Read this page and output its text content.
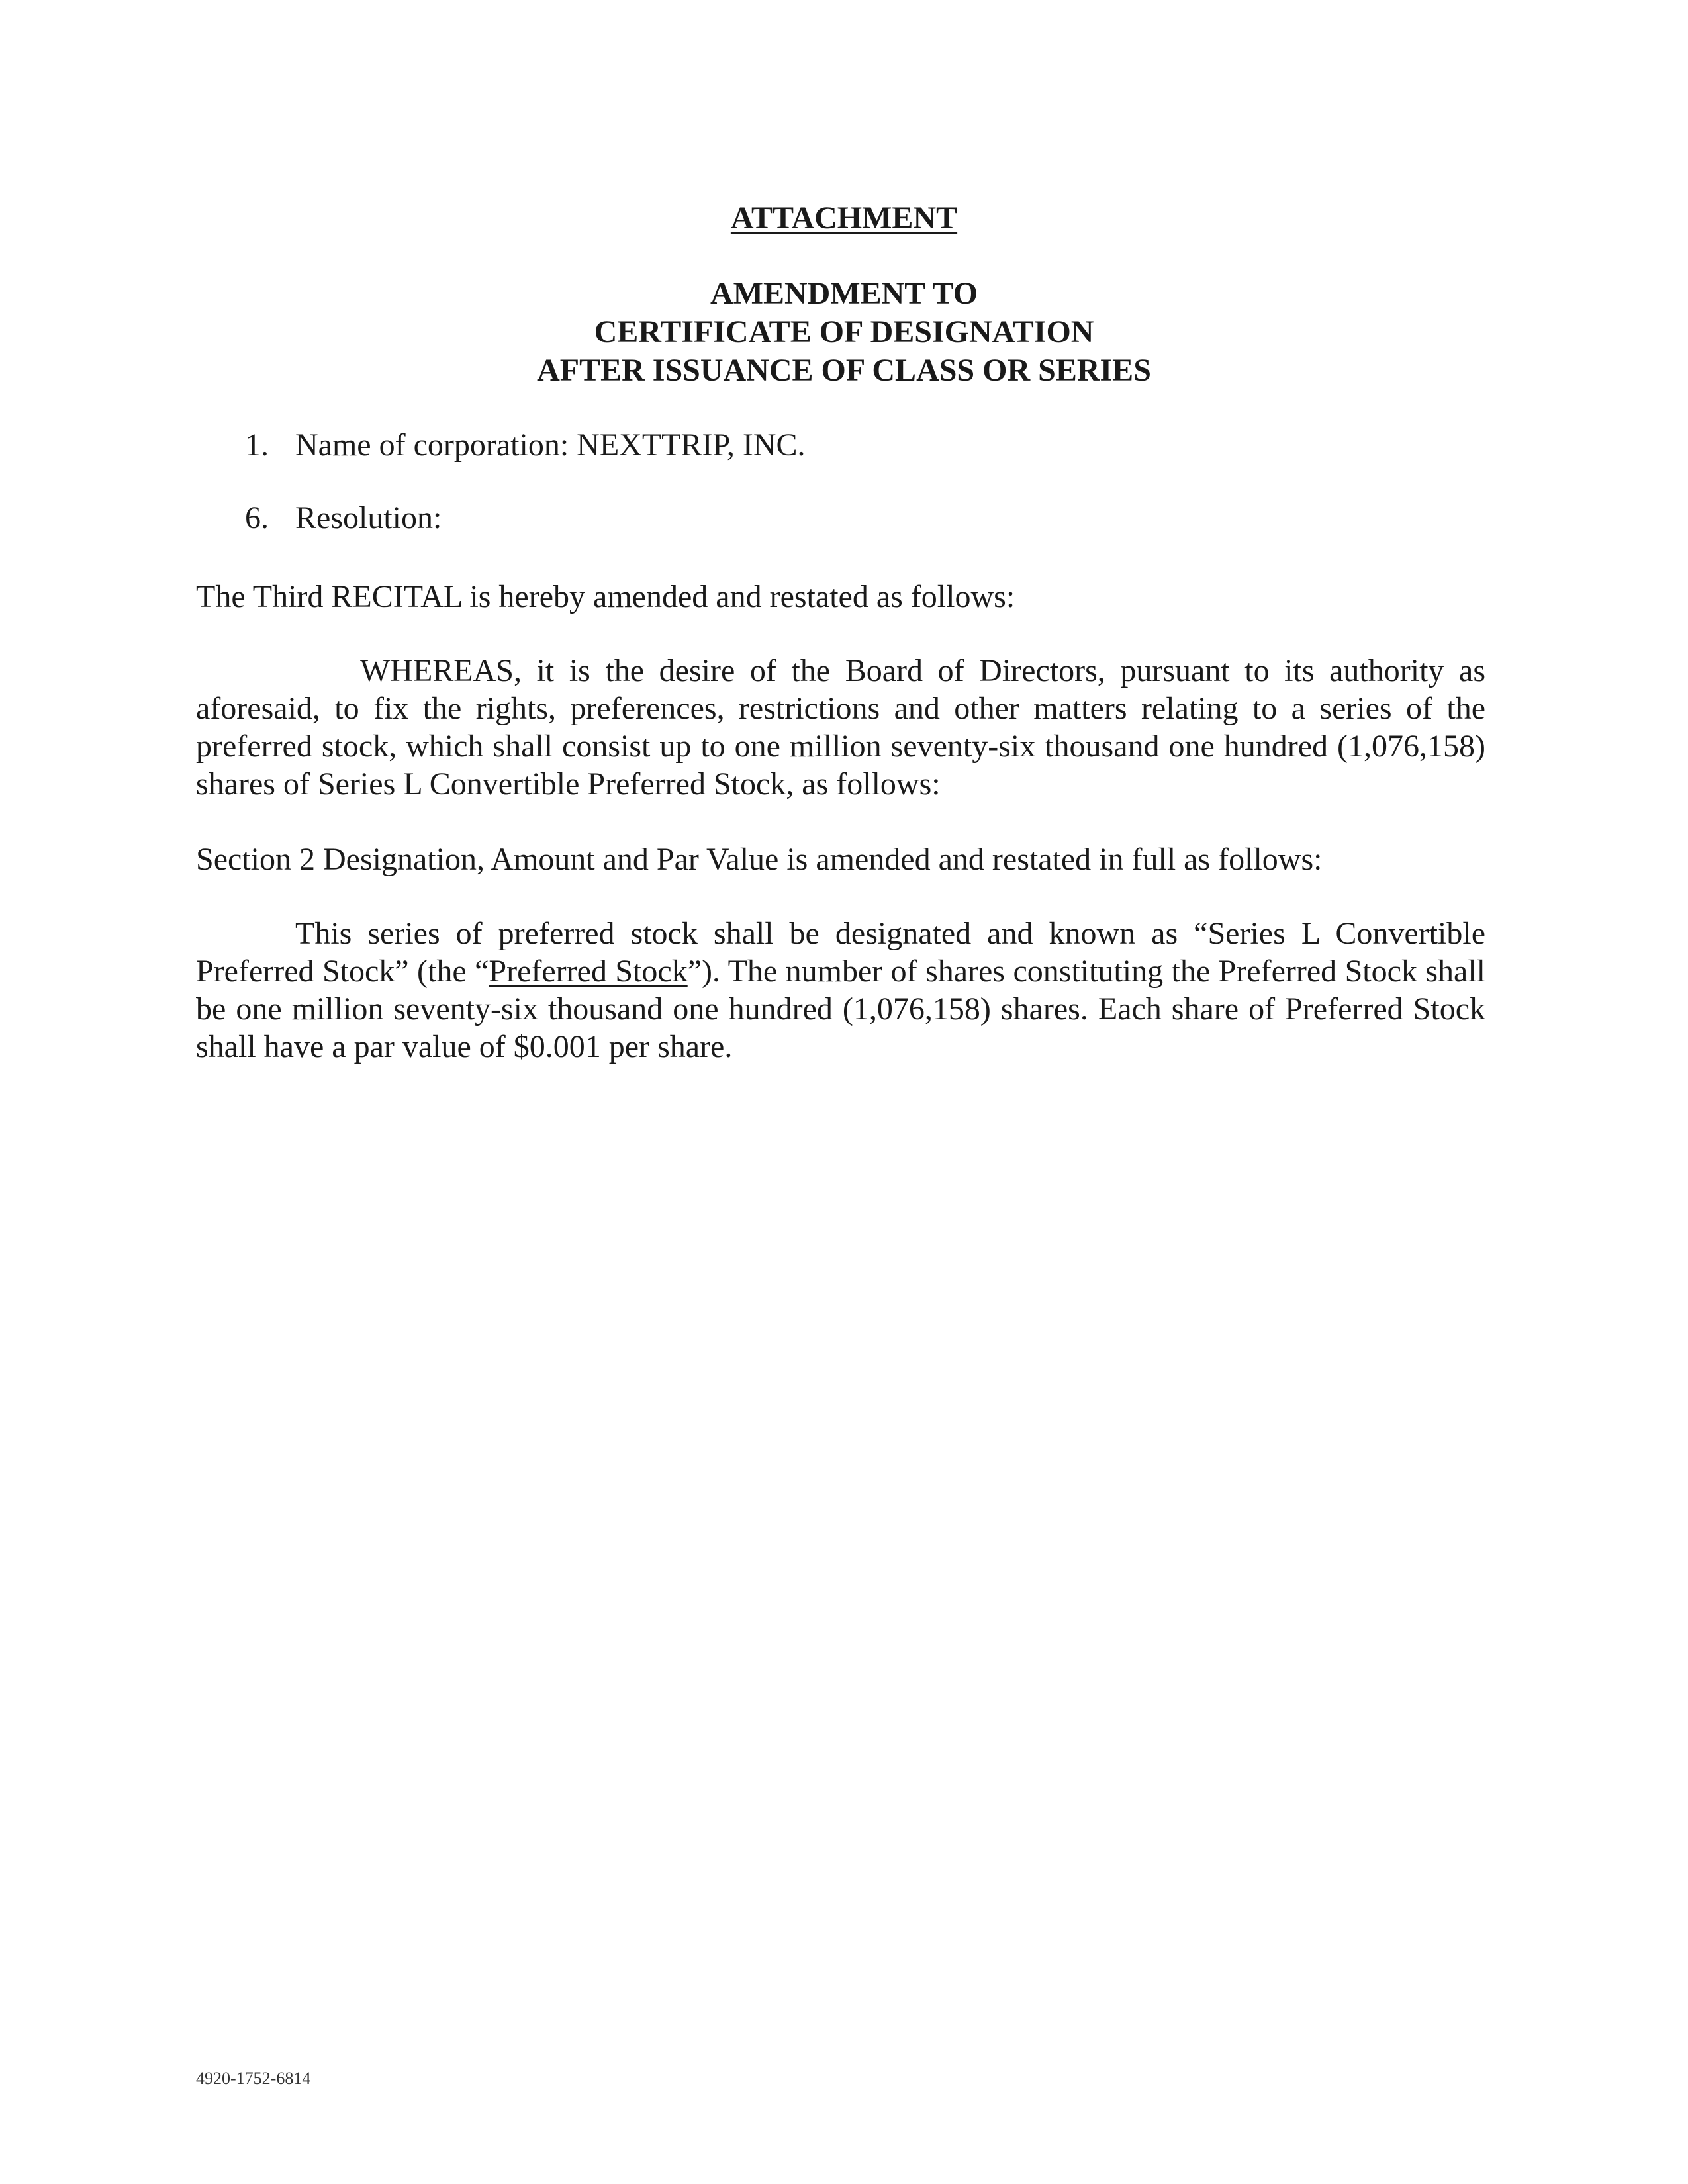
ATTACHMENT
AMENDMENT TO
CERTIFICATE OF DESIGNATION
AFTER ISSUANCE OF CLASS OR SERIES
1. Name of corporation: NEXTTRIP, INC.
6. Resolution:
The Third RECITAL is hereby amended and restated as follows:
WHEREAS, it is the desire of the Board of Directors, pursuant to its authority as aforesaid, to fix the rights, preferences, restrictions and other matters relating to a series of the preferred stock, which shall consist up to one million seventy-six thousand one hundred (1,076,158) shares of Series L Convertible Preferred Stock, as follows:
Section 2 Designation, Amount and Par Value is amended and restated in full as follows:
This series of preferred stock shall be designated and known as “Series L Convertible Preferred Stock” (the “Preferred Stock”). The number of shares constituting the Preferred Stock shall be one million seventy-six thousand one hundred (1,076,158) shares. Each share of Preferred Stock shall have a par value of $0.001 per share.
4920-1752-6814
